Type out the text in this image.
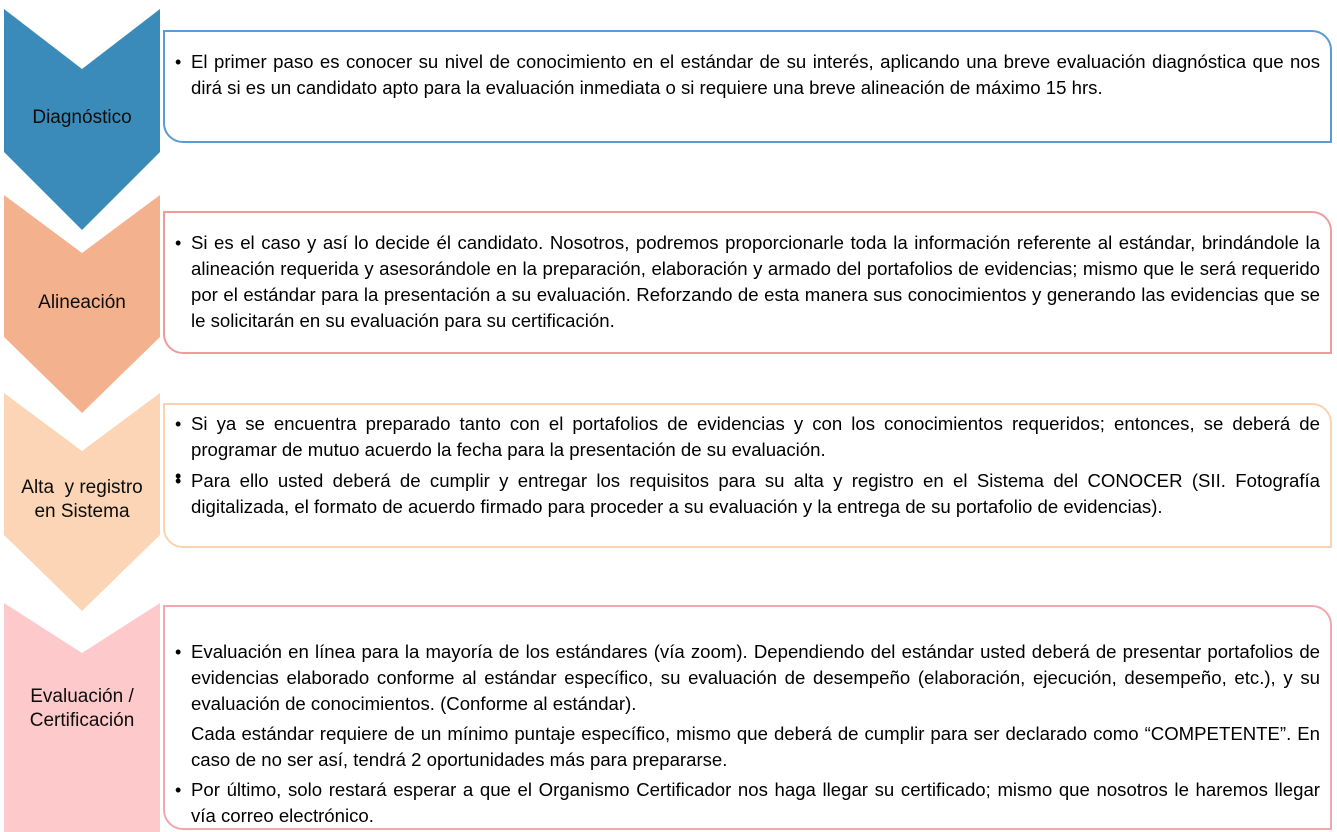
Diagnóstico
• El primer paso es conocer su nivel de conocimiento en el estándar de su interés, aplicando una breve evaluación diagnóstica que nos dirá si es un candidato apto para la evaluación inmediata o si requiere una breve alineación de máximo 15 hrs.
Alineación
• Si es el caso y así lo decide él candidato. Nosotros, podremos proporcionarle toda la información referente al estándar, brindándole la alineación requerida y asesorándole en la preparación, elaboración y armado del portafolios de evidencias; mismo que le será requerido por el estándar para la presentación a su evaluación. Reforzando de esta manera sus conocimientos y generando las evidencias que se le solicitarán en su evaluación para su certificación.
Alta  y registro
en Sistema
• Si ya se encuentra preparado tanto con el portafolios de evidencias y con los conocimientos requeridos; entonces, se deberá de programar de mutuo acuerdo la fecha para la presentación de su evaluación.
•
• Para ello usted deberá de cumplir y entregar los requisitos para su alta y registro en el Sistema del CONOCER (SII. Fotografía digitalizada, el formato de acuerdo firmado para proceder a su evaluación y la entrega de su portafolio de evidencias).
Evaluación /
Certificación
• Evaluación en línea para la mayoría de los estándares (vía zoom). Dependiendo del estándar usted deberá de presentar portafolios de evidencias elaborado conforme al estándar específico, su evaluación de desempeño (elaboración, ejecución, desempeño, etc.), y su evaluación de conocimientos. (Conforme al estándar).

Cada estándar requiere de un mínimo puntaje específico, mismo que deberá de cumplir para ser declarado como “COMPETENTE”. En caso de no ser así, tendrá 2 oportunidades más para prepararse.

• Por último, solo restará esperar a que el Organismo Certificador nos haga llegar su certificado; mismo que nosotros le haremos llegar vía correo electrónico.
